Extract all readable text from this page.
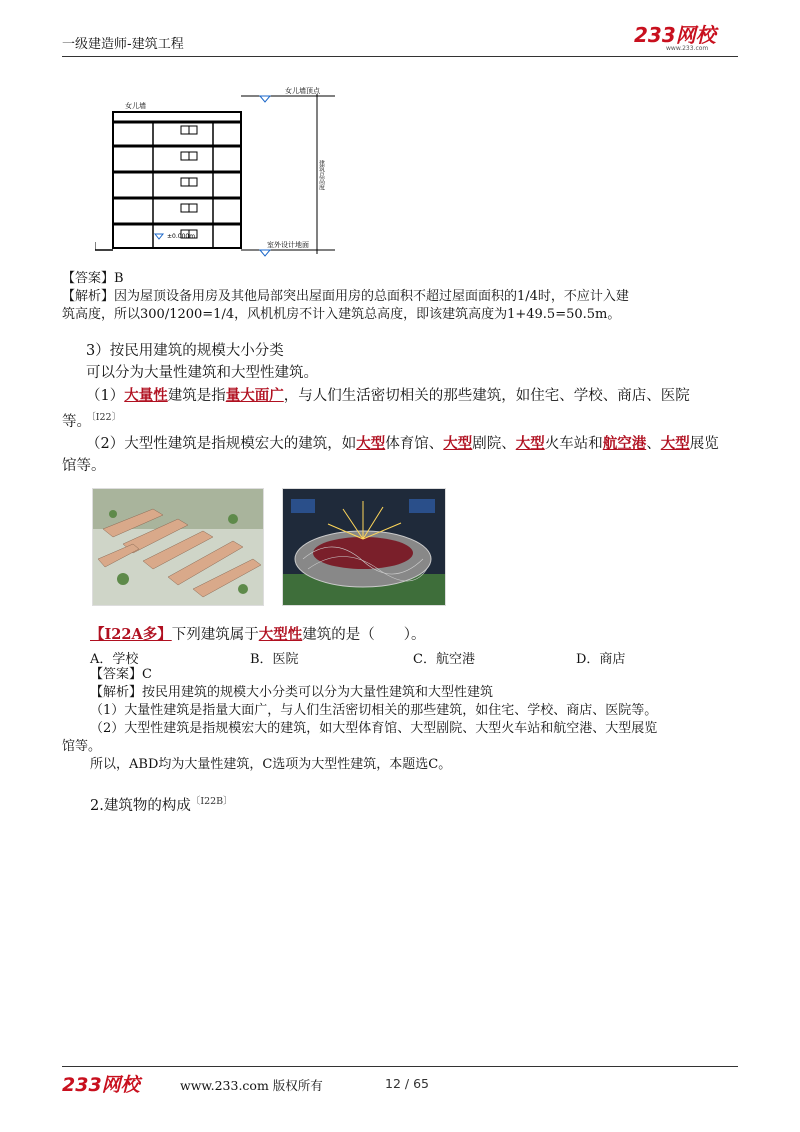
一级建造师-建筑工程	233网校
www.233.com
女儿墙
女儿墙顶点
±0.000m
室外设计地面
建筑总高度
【答案】B
【解析】因为屋顶设备用房及其他局部突出屋面用房的总面积不超过屋面面积的1/4时，不应计入建
筑高度，所以300/1200=1/4，风机机房不计入建筑总高度，即该建筑高度为1+49.5=50.5m。
3）按民用建筑的规模大小分类
可以分为大量性建筑和大型性建筑。
（1）大量性建筑是指量大面广，与人们生活密切相关的那些建筑，如住宅、学校、商店、医院
等。$^{〔Ⅰ22〕}$
（2）大型性建筑是指规模宏大的建筑，如大型体育馆、大型剧院、大型火车站和航空港、大型展览
馆等。
【Ⅰ22A多】下列建筑属于大型性建筑的是（　　）。
A．学校	B．医院	C．航空港	D．商店
【答案】C
【解析】按民用建筑的规模大小分类可以分为大量性建筑和大型性建筑
（1）大量性建筑是指量大面广，与人们生活密切相关的那些建筑，如住宅、学校、商店、医院等。
（2）大型性建筑是指规模宏大的建筑，如大型体育馆、大型剧院、大型火车站和航空港、大型展览
馆等。
所以，ABD均为大量性建筑，C选项为大型性建筑，本题选C。
2.建筑物的构成$^{〔Ⅰ22B〕}$
233网校	www.233.com 版权所有	12 / 65
